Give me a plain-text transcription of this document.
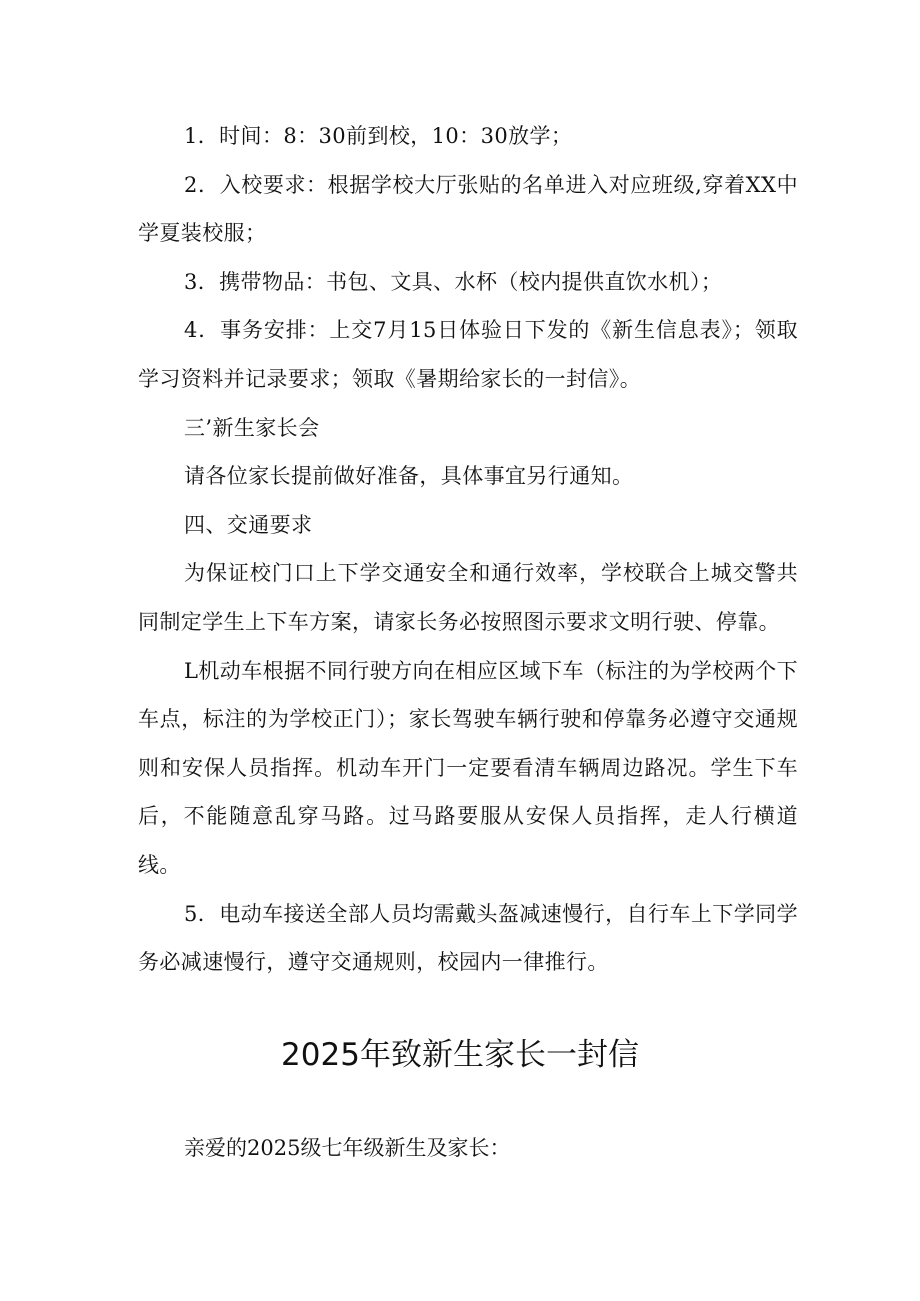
1．时间：8：30前到校，10：30放学；

2．入校要求：根据学校大厅张贴的名单进入对应班级,穿着XX中学夏装校服；

3．携带物品：书包、文具、水杯（校内提供直饮水机）；

4．事务安排：上交7月15日体验日下发的《新生信息表》；领取学习资料并记录要求；领取《暑期给家长的一封信》。

三’新生家长会

请各位家长提前做好准备，具体事宜另行通知。

四、交通要求

为保证校门口上下学交通安全和通行效率，学校联合上城交警共同制定学生上下车方案，请家长务必按照图示要求文明行驶、停靠。

L机动车根据不同行驶方向在相应区域下车（标注的为学校两个下车点，标注的为学校正门）；家长驾驶车辆行驶和停靠务必遵守交通规则和安保人员指挥。机动车开门一定要看清车辆周边路况。学生下车后，不能随意乱穿马路。过马路要服从安保人员指挥，走人行横道线。

5．电动车接送全部人员均需戴头盔减速慢行，自行车上下学同学务必减速慢行，遵守交通规则，校园内一律推行。

2025年致新生家长一封信

亲爱的2025级七年级新生及家长：
